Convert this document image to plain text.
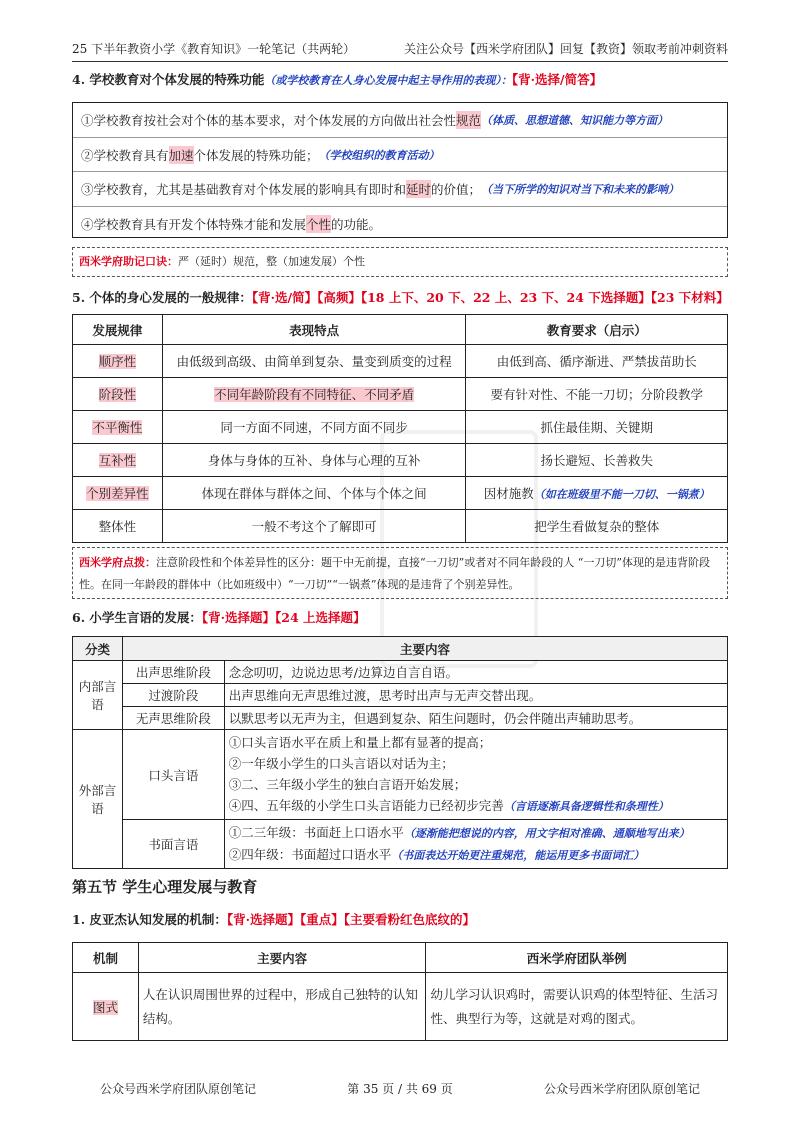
25 下半年教资小学《教育知识》一轮笔记（共两轮）	关注公众号【西米学府团队】回复【教资】领取考前冲刺资料
4. 学校教育对个体发展的特殊功能（或学校教育在人身心发展中起主导作用的表现）：【背·选择/简答】
①学校教育按社会对个体的基本要求，对个体发展的方向做出社会性 规范 （体质、思想道德、知识能力等方面）
②学校教育具有 加速 个体发展的特殊功能； （学校组织的教育活动）
③学校教育，尤其是基础教育对个体发展的影响具有即时和 延时 的价值； （当下所学的知识对当下和未来的影响）
④学校教育具有开发个体特殊才能和发展 个性 的功能。
西米学府助记口诀：严（延时）规范，整（加速发展）个性
5. 个体的身心发展的一般规律：【背·选/简】【高频】【18 上下、20 下、22 上、23 下、24 下选择题】【23 下材料】
发展规律	表现特点	教育要求（启示）
顺序性	由低级到高级、由简单到复杂、量变到质变的过程	由低到高、循序渐进、严禁拔苗助长
阶段性	不同年龄阶段有不同特征、不同矛盾	要有针对性、不能一刀切；分阶段教学
不平衡性	同一方面不同速，不同方面不同步	抓住最佳期、关键期
互补性	身体与身体的互补、身体与心理的互补	扬长避短、长善救失
个别差异性	体现在群体与群体之间、个体与个体之间	因材施教（如在班级里不能一刀切、一锅煮）
整体性	一般不考这个了解即可	把学生看做复杂的整体
西米学府点拨：注意阶段性和个体差异性的区分：题干中无前提，直接“一刀切”或者对不同年龄段的人 “一刀切”体现的是违背阶段性。在同一年龄段的群体中（比如班级中）“一刀切”“一锅煮”体现的是违背了个别差异性。
6. 小学生言语的发展：【背·选择题】【24 上选择题】
分类	主要内容	
内部言语	出声思维阶段	念念叨叨，边说边思考/边算边自言自语。
	过渡阶段	出声思维向无声思维过渡，思考时出声与无声交替出现。
	无声思维阶段	以默思考以无声为主，但遇到复杂、陌生问题时，仍会伴随出声辅助思考。
外部言语	口头言语	①口头言语水平在质上和量上都有显著的提高；
②一年级小学生的口头言语以对话为主；
③二、三年级小学生的独白言语开始发展；
④四、五年级的小学生口头言语能力已经初步完善（言语逐渐具备逻辑性和条理性）

	书面言语	①二三年级：书面赶上口语水平（逐渐能把想说的内容，用文字相对准确、通顺地写出来）
②四年级：书面超过口语水平（书面表达开始更注重规范，能运用更多书面词汇）
第五节 学生心理发展与教育
1. 皮亚杰认知发展的机制：【背·选择题】【重点】【主要看粉红色底纹的】
机制	主要内容	西米学府团队举例
图式	人在认识周围世界的过程中，形成自己独特的认知结构。	幼儿学习认识鸡时，需要认识鸡的体型特征、生活习性、典型行为等，这就是对鸡的图式。
公众号西米学府团队原创笔记	第 35 页 / 共 69 页	公众号西米学府团队原创笔记
